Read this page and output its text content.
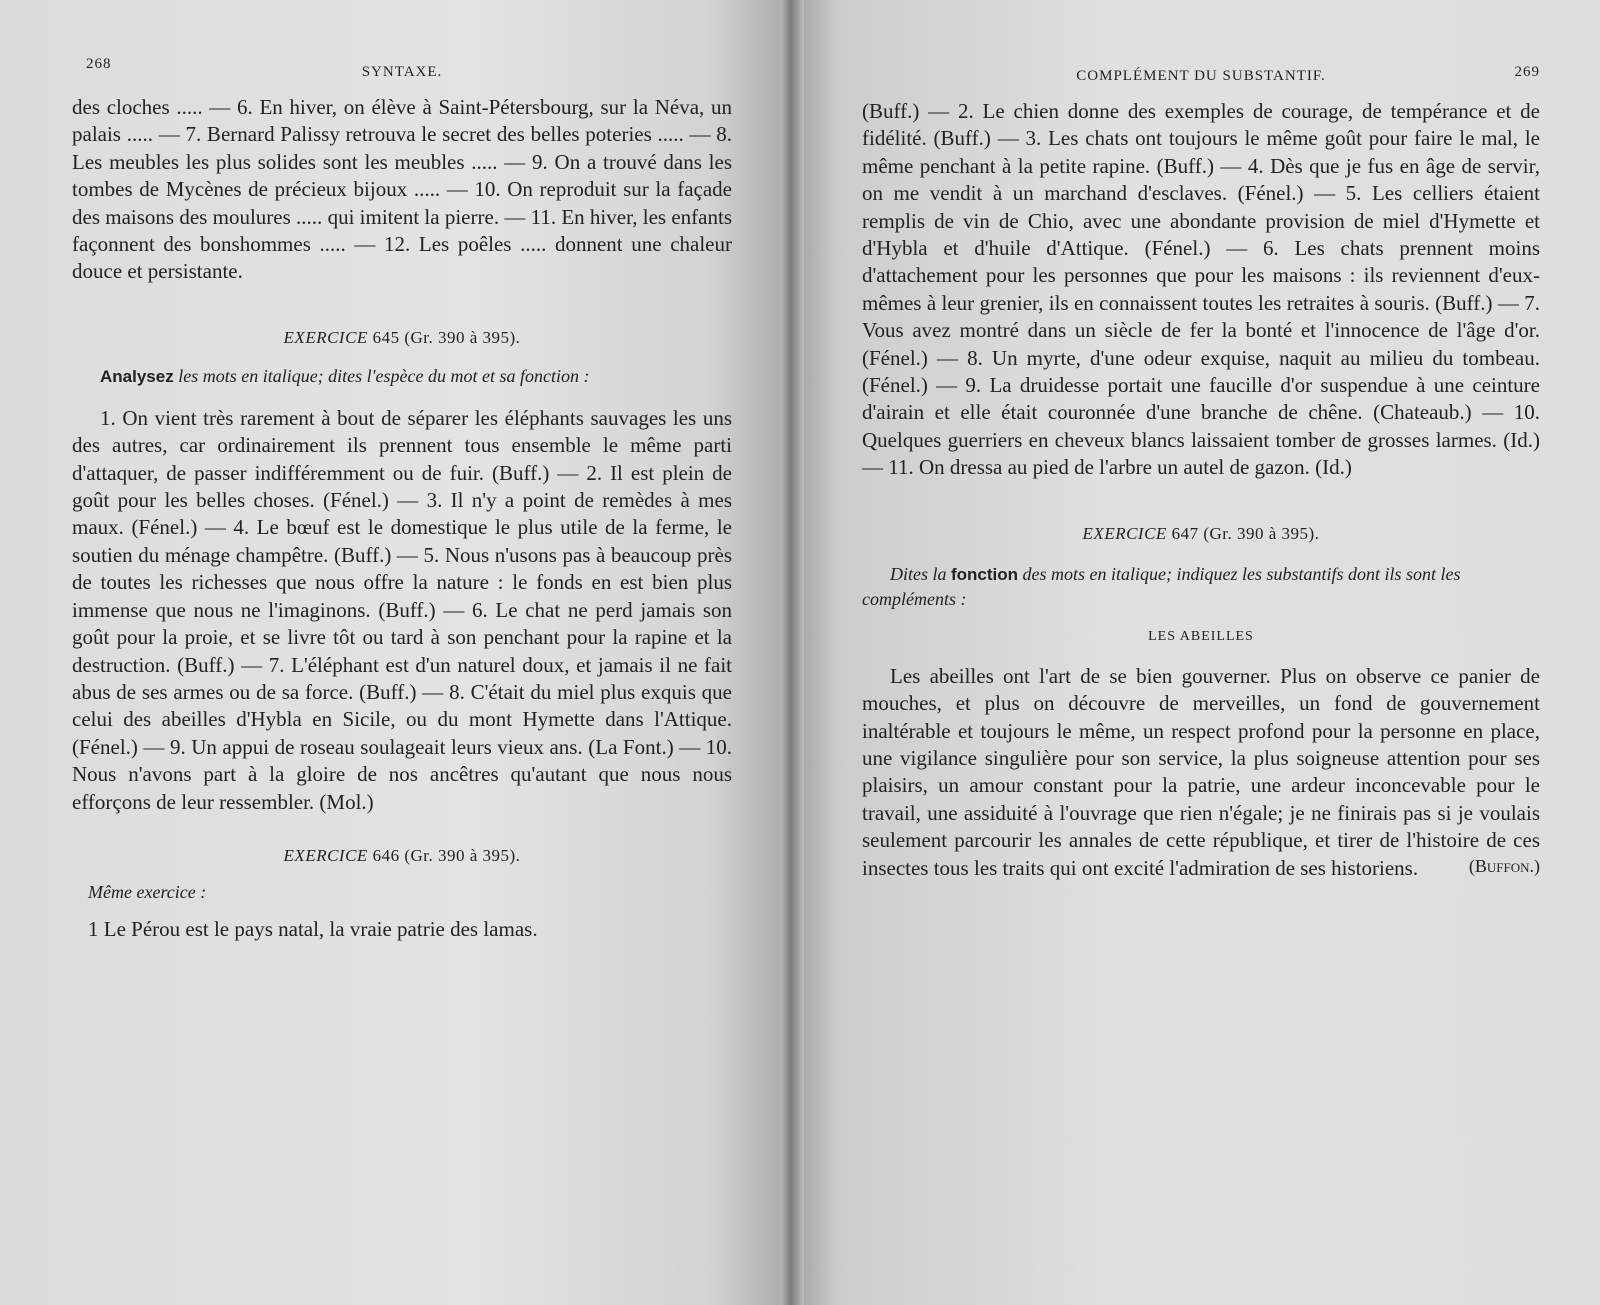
268	SYNTAXE.

des cloches ..... — 6. En hiver, on élève à Saint-Pétersbourg, sur la Néva, un palais ..... — 7. Bernard Palissy retrouva le secret des belles poteries ..... — 8. Les meubles les plus solides sont les meubles ..... — 9. On a trouvé dans les tombes de Mycènes de précieux bijoux ..... — 10. On reproduit sur la façade des maisons des moulures ..... qui imitent la pierre. — 11. En hiver, les enfants façonnent des bonshommes ..... — 12. Les poêles ..... donnent une chaleur douce et persistante.

EXERCICE 645 (Gr. 390 à 395).

Analysez les mots en italique; dites l'espèce du mot et sa fonction :

1. On vient très rarement à bout de séparer les éléphants sauvages les uns des autres, car ordinairement ils prennent tous ensemble le même parti d'attaquer, de passer indifféremment ou de fuir. (Buff.) — 2. Il est plein de goût pour les belles choses. (Fénel.) — 3. Il n'y a point de remèdes à mes maux. (Fénel.) — 4. Le bœuf est le domestique le plus utile de la ferme, le soutien du ménage champêtre. (Buff.) — 5. Nous n'usons pas à beaucoup près de toutes les richesses que nous offre la nature : le fonds en est bien plus immense que nous ne l'imaginons. (Buff.) — 6. Le chat ne perd jamais son goût pour la proie, et se livre tôt ou tard à son penchant pour la rapine et la destruction. (Buff.) — 7. L'éléphant est d'un naturel doux, et jamais il ne fait abus de ses armes ou de sa force. (Buff.) — 8. C'était du miel plus exquis que celui des abeilles d'Hybla en Sicile, ou du mont Hymette dans l'Attique. (Fénel.) — 9. Un appui de roseau soulageait leurs vieux ans. (La Font.) — 10. Nous n'avons part à la gloire de nos ancêtres qu'autant que nous nous efforçons de leur ressembler. (Mol.)

EXERCICE 646 (Gr. 390 à 395).

Même exercice :

1 Le Pérou est le pays natal, la vraie patrie des lamas.

COMPLÉMENT DU SUBSTANTIF.	269

(Buff.) — 2. Le chien donne des exemples de courage, de tempérance et de fidélité. (Buff.) — 3. Les chats ont toujours le même goût pour faire le mal, le même penchant à la petite rapine. (Buff.) — 4. Dès que je fus en âge de servir, on me vendit à un marchand d'esclaves. (Fénel.) — 5. Les celliers étaient remplis de vin de Chio, avec une abondante provision de miel d'Hymette et d'Hybla et d'huile d'Attique. (Fénel.) — 6. Les chats prennent moins d'attachement pour les personnes que pour les maisons : ils reviennent d'eux-mêmes à leur grenier, ils en connaissent toutes les retraites à souris. (Buff.) — 7. Vous avez montré dans un siècle de fer la bonté et l'innocence de l'âge d'or. (Fénel.) — 8. Un myrte, d'une odeur exquise, naquit au milieu du tombeau. (Fénel.) — 9. La druidesse portait une faucille d'or suspendue à une ceinture d'airain et elle était couronnée d'une branche de chêne. (Chateaub.) — 10. Quelques guerriers en cheveux blancs laissaient tomber de grosses larmes. (Id.) — 11. On dressa au pied de l'arbre un autel de gazon. (Id.)

EXERCICE 647 (Gr. 390 à 395).

Dites la fonction des mots en italique; indiquez les substantifs dont ils sont les compléments :

LES ABEILLES

Les abeilles ont l'art de se bien gouverner. Plus on observe ce panier de mouches, et plus on découvre de merveilles, un fond de gouvernement inaltérable et toujours le même, un respect profond pour la personne en place, une vigilance singulière pour son service, la plus soigneuse attention pour ses plaisirs, un amour constant pour la patrie, une ardeur inconcevable pour le travail, une assiduité à l'ouvrage que rien n'égale; je ne finirais pas si je voulais seulement parcourir les annales de cette république, et tirer de l'histoire de ces insectes tous les traits qui ont excité l'admiration de ses historiens.	(Buffon.)
